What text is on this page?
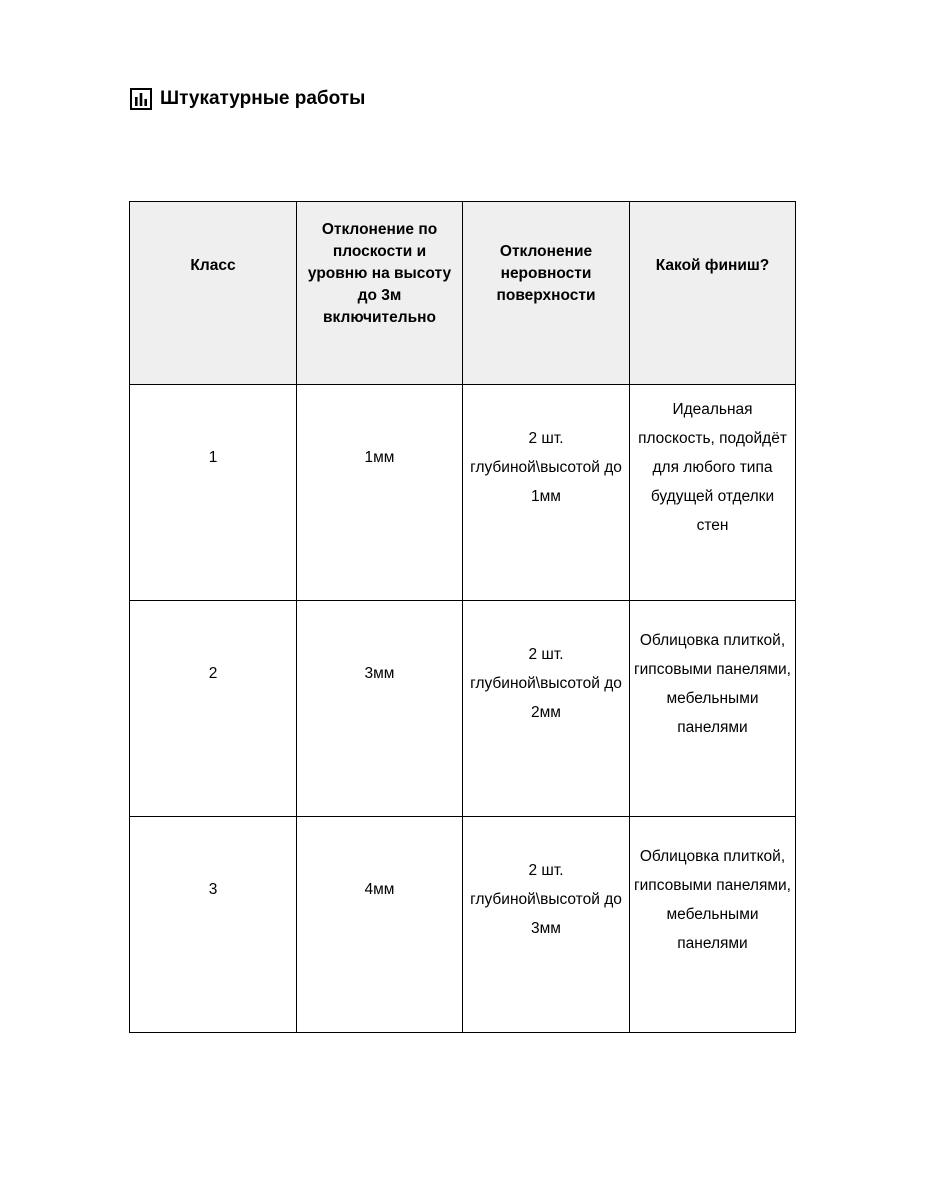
Штукатурные работы
Класс	Отклонение по плоскости и уровню на высоту до 3м включительно	Отклонение неровности поверхности	Какой финиш?

1	1мм	2 шт. глубиной\высотой до 1мм	Идеальная плоскость, подойдёт для любого типа будущей отделки стен

2	3мм	2 шт. глубиной\высотой до 2мм	Облицовка плиткой, гипсовыми панелями, мебельными панелями

3	4мм	2 шт. глубиной\высотой до 3мм	Облицовка плиткой, гипсовыми панелями, мебельными панелями
